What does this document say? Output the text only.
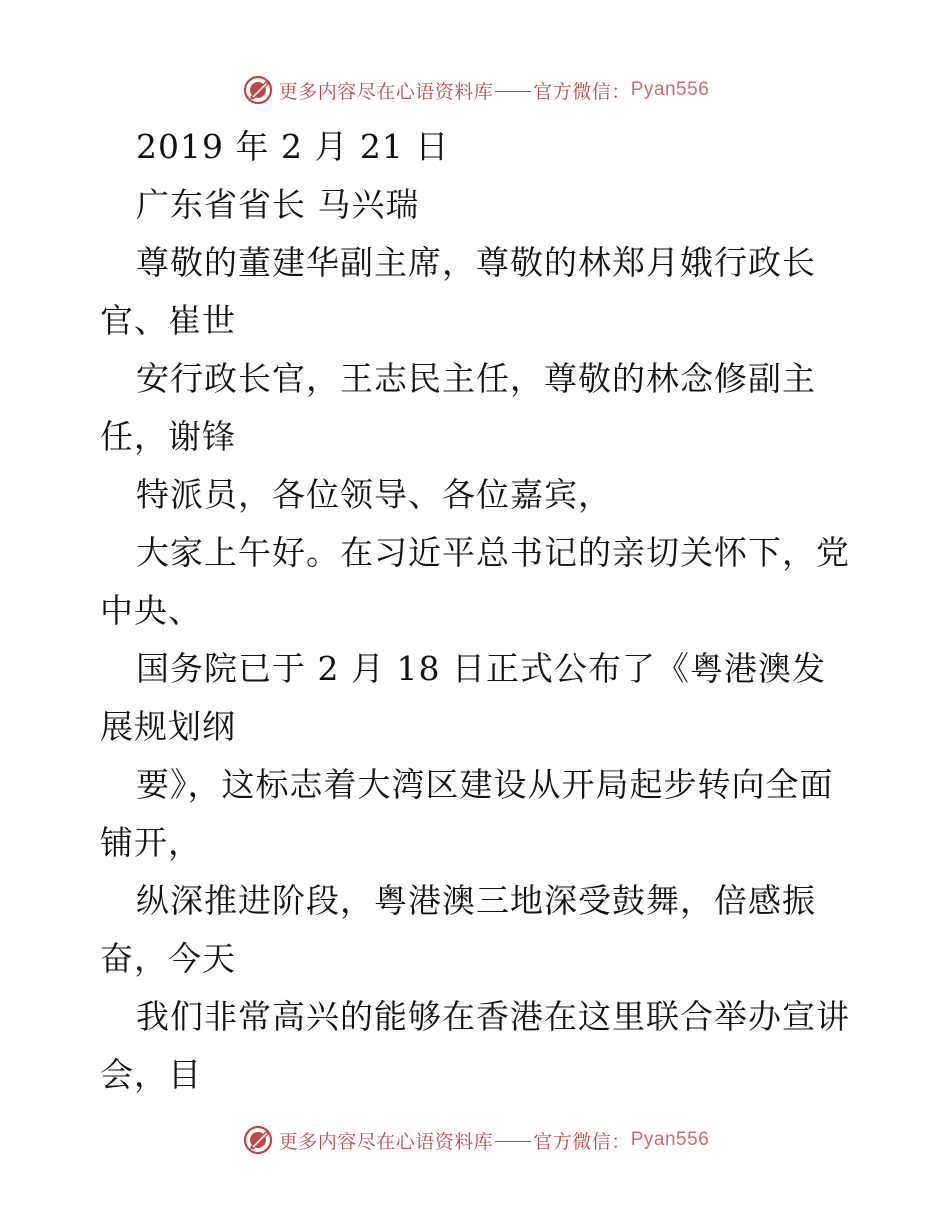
更多内容尽在心语资料库 官方微信： Pyan556
2019 年 2 月 21 日
广东省省长 马兴瑞
尊敬的董建华副主席，尊敬的林郑月娥行政长
官、崔世
安行政长官，王志民主任，尊敬的林念修副主
任，谢锋
特派员，各位领导、各位嘉宾，
大家上午好。在习近平总书记的亲切关怀下，党
中央、
国务院已于 2 月 18 日正式公布了《粤港澳发
展规划纲
要》，这标志着大湾区建设从开局起步转向全面
铺开，
纵深推进阶段，粤港澳三地深受鼓舞，倍感振
奋，今天
我们非常高兴的能够在香港在这里联合举办宣讲
会，目
更多内容尽在心语资料库 官方微信： Pyan556
